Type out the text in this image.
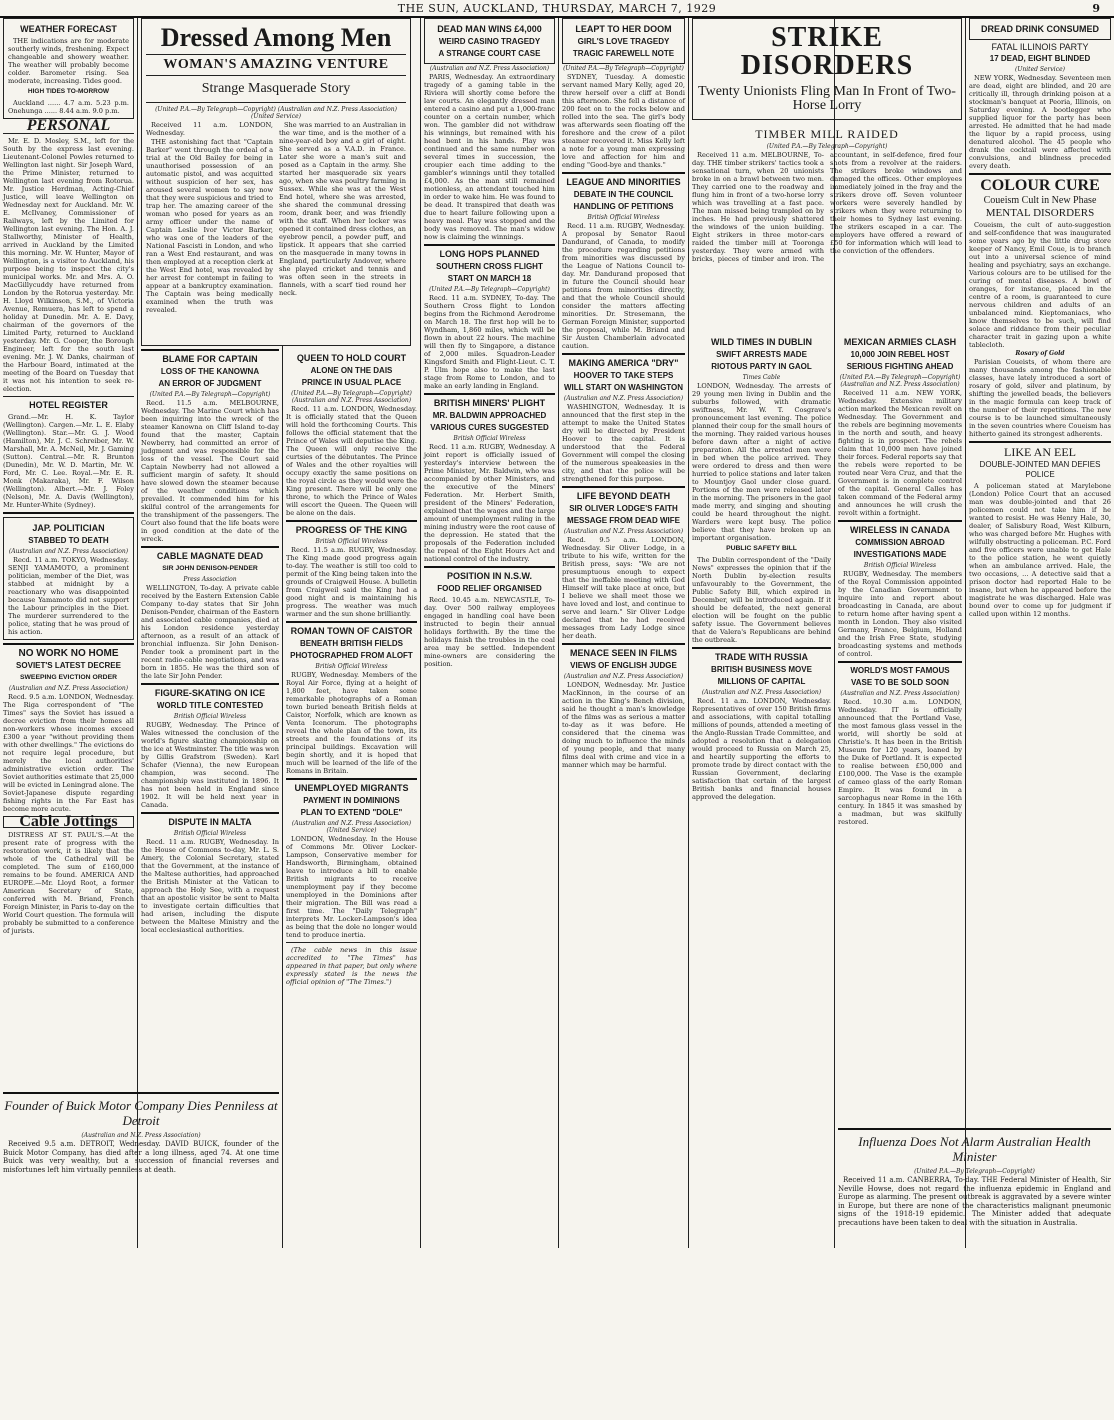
THE SUN, AUCKLAND, THURSDAY, MARCH 7, 1929	9
WEATHER FORECAST

THE indications are for moderate southerly winds, freshening. Expect changeable and showery weather. The weather will probably become colder. Barometer rising. Sea moderate, increasing. Tides good.

HIGH TIDES TO-MORROW

Auckland ...... 4.7 a.m. 5.23 p.m. Onehunga ...... 8.44 a.m. 9.0 p.m.

PERSONAL

Mr. E. D. Mosley, S.M., left for the South by the express last evening. Lieutenant-Colonel Powles returned to Wellington last night. Sir Joseph Ward, the Prime Minister, returned to Wellington last evening from Rotorua. Mr. Justice Herdman, Acting-Chief Justice, will leave Wellington on Wednesday next for Auckland. Mr. W. E. McIlvaney, Commissioner of Railways, left by the Limited for Wellington last evening. The Hon. A. J. Stallworthy, Minister of Health, arrived in Auckland by the Limited this morning. Mr. W. Hunter, Mayor of Wellington, is a visitor to Auckland, his purpose being to inspect the city's municipal works. Mr. and Mrs. A. O. MacGillycuddy have returned from London by the Rotorua yesterday. Mr. H. Lloyd Wilkinson, S.M., of Victoria Avenue, Remuera, has left to spend a holiday at Dunedin. Mr. A. E. Davy, chairman of the governors of the Limited Party, returned to Auckland yesterday. Mr. G. Cooper, the Borough Engineer, left for the south last evening. Mr. J. W. Danks, chairman of the Harbour Board, intimated at the meeting of the Board on Tuesday that it was not his intention to seek re-election.

HOTEL REGISTER

Grand.—Mr. H. K. Taylor (Wellington). Cargen.—Mr. L. E. Elaby (Wellington). Star.—Mr. G. J. Wood (Hamilton), Mr. J. C. Schreiber, Mr. W. Marshall, Mr. A. McNeil, Mr. J. Gaming (Sutton). Central.—Mr. R. Brunton (Dunedin), Mr. W. D. Martin, Mr. W. Ford, Mr. C. Lee. Royal.—Mr. E. R. Monk (Makaraka), Mr. F. Wilson (Wellington). Albert.—Mr. J. Foley (Nelson), Mr. A. Davis (Wellington), Mr. Hunter-White (Sydney).

JAP. POLITICIAN
STABBED TO DEATH
(Australian and N.Z. Press Association)

Recd. 11 a.m. TOKYO, Wednesday. SENJI YAMAMOTO, a prominent politician, member of the Diet, was stabbed at midnight by a reactionary who was disappointed because Yamamoto did not support the Labour principles in the Diet. The murderer surrendered to the police, stating that he was proud of his action.

NO WORK NO HOME
SOVIET'S LATEST DECREE
SWEEPING EVICTION ORDER
(Australian and N.Z. Press Association)

Recd. 9.5 a.m. LONDON, Wednesday. The Riga correspondent of "The Times" says the Soviet has issued a decree eviction from their homes all non-workers whose incomes exceed £300 a year "without providing them with other dwellings." The evictions do not require legal procedure, but merely the local authorities' administrative eviction order. The Soviet authorities estimate that 25,000 will be evicted in Leningrad alone. The Soviet-Japanese dispute regarding fishing rights in the Far East has become more acute.

Cable Jottings

DISTRESS AT ST. PAUL'S.—At the present rate of progress with the restoration work, it is likely that the whole of the Cathedral will be completed. The sum of £160,000 remains to be found. AMERICA AND EUROPE.—Mr. Lloyd Root, a former American Secretary of State, conferred with M. Briand, French Foreign Minister, in Paris to-day on the World Court question. The formula will probably be submitted to a conference of jurists.

Dressed Among Men
WOMAN'S AMAZING VENTURE
Strange Masquerade Story
(United P.A.—By Telegraph—Copyright) (Australian and N.Z. Press Association) (United Service)

Received 11 a.m. LONDON, Wednesday.

THE astonishing fact that "Captain Barker" went through the ordeal of a trial at the Old Bailey for being in unauthorised possession of an automatic pistol, and was acquitted without suspicion of her sex, has aroused several women to say now that they were suspicious and tried to trap her. The amazing career of the woman who posed for years as an army officer under the name of Captain Leslie Ivor Victor Barker, who was one of the leaders of the National Fascisti in London, and who ran a West End restaurant, and was then employed at a reception clerk at the West End hotel, was revealed by her arrest for contempt in failing to appear at a bankruptcy examination. The Captain was being medically examined when the truth was revealed.

She was married to an Australian in the war time, and is the mother of a nine-year-old boy and a girl of eight. She served as a V.A.D. in France. Later she wore a man's suit and posed as a Captain in the army. She started her masquerade six years ago, when she was poultry farming in Sussex. While she was at the West End hotel, where she was arrested, she shared the communal dressing room, drank beer, and was friendly with the staff. When her locker was opened it contained dress clothes, an eyebrow pencil, a powder puff, and lipstick. It appears that she carried on the masquerade in many towns in England, particularly Andover, where she played cricket and tennis and was often seen in the streets in flannels, with a scarf tied round her neck.

BLAME FOR CAPTAIN
LOSS OF THE KANOWNA
AN ERROR OF JUDGMENT
(United P.A.—By Telegraph—Copyright)

Recd. 11.5 a.m. MELBOURNE, Wednesday. The Marine Court which has been inquiring into the wreck of the steamer Kanowna on Cliff Island to-day found that the master, Captain Newberry, had committed an error of judgment and was responsible for the loss of the vessel. The Court said Captain Newberry had not allowed a sufficient margin of safety. It should have slowed down the steamer because of the weather conditions which prevailed. It commended him for his skilful control of the arrangements for the transhipment of the passengers. The Court also found that the life boats were in good condition at the date of the wreck.

CABLE MAGNATE DEAD
SIR JOHN DENISON-PENDER
Press Association

WELLINGTON, To-day. A private cable received by the Eastern Extension Cable Company to-day states that Sir John Denison-Pender, chairman of the Eastern and associated cable companies, died at his London residence yesterday afternoon, as a result of an attack of bronchial influenza. Sir John Denison-Pender took a prominent part in the recent radio-cable negotiations, and was born in 1855. He was the third son of the late Sir John Pender.

FIGURE-SKATING ON ICE
WORLD TITLE CONTESTED
British Official Wireless

RUGBY, Wednesday. The Prince of Wales witnessed the conclusion of the world's figure skating championship on the ice at Westminster. The title was won by Gillis Grafstrom (Sweden). Karl Schafer (Vienna), the new European champion, was second. The championship was instituted in 1896. It has not been held in England since 1902. It will be held next year in Canada.

DISPUTE IN MALTA
British Official Wireless

Recd. 11 a.m. RUGBY, Wednesday. In the House of Commons to-day, Mr. L. S. Amery, the Colonial Secretary, stated that the Government, at the instance of the Maltese authorities, had approached the British Minister at the Vatican to approach the Holy See, with a request that an apostolic visitor be sent to Malta to investigate certain difficulties that had arisen, including the dispute between the Maltese Ministry and the local ecclesiastical authorities.

QUEEN TO HOLD COURT
ALONE ON THE DAIS
PRINCE IN USUAL PLACE
(United P.A.—By Telegraph—Copyright) (Australian and N.Z. Press Association)

Recd. 11 a.m. LONDON, Wednesday. It is officially stated that the Queen will hold the forthcoming Courts. This follows the official statement that the Prince of Wales will deputise the King. The Queen will only receive the curtsies of the débutantes. The Prince of Wales and the other royalties will occupy exactly the same positions on the royal circle as they would were the King present. There will be only one throne, to which the Prince of Wales will escort the Queen. The Queen will be alone on the dais.

PROGRESS OF THE KING
British Official Wireless

Recd. 11.5 a.m. RUGBY, Wednesday. The King made good progress again to-day. The weather is still too cold to permit of the King being taken into the grounds of Craigweil House. A bulletin from Craigweil said the King had a good night and is maintaining his progress. The weather was much warmer and the sun shone brilliantly.

ROMAN TOWN OF CAISTOR
BENEATH BRITISH FIELDS
PHOTOGRAPHED FROM ALOFT
British Official Wireless

RUGBY, Wednesday. Members of the Royal Air Force, flying at a height of 1,800 feet, have taken some remarkable photographs of a Roman town buried beneath British fields at Caistor, Norfolk, which are known as Venta Icenorum. The photographs reveal the whole plan of the town, its streets and the foundations of its principal buildings. Excavation will begin shortly, and it is hoped that much will be learned of the life of the Romans in Britain.

UNEMPLOYED MIGRANTS
PAYMENT IN DOMINIONS
PLAN TO EXTEND "DOLE"
(Australian and N.Z. Press Association) (United Service)

LONDON, Wednesday. In the House of Commons Mr. Oliver Locker-Lampson, Conservative member for Handsworth, Birmingham, obtained leave to introduce a bill to enable British migrants to receive unemployment pay if they become unemployed in the Dominions after their migration. The Bill was read a first time. The "Daily Telegraph" interprets Mr. Locker-Lampson's idea as being that the dole no longer would tend to produce inertia.

(The cable news in this issue accredited to "The Times" has appeared in that paper, but only where expressly stated is the news the official opinion of "The Times.")

DEAD MAN WINS £4,000
WEIRD CASINO TRAGEDY
A STRANGE COURT CASE
(Australian and N.Z. Press Association)

PARIS, Wednesday. An extraordinary tragedy of a gaming table in the Riviera will shortly come before the law courts. An elegantly dressed man entered a casino and put a 1,000-franc counter on a certain number, which won. The gambler did not withdraw his winnings, but remained with his head bent in his hands. Play was continued and the same number won several times in succession, the croupier each time adding to the gambler's winnings until they totalled £4,000. As the man still remained motionless, an attendant touched him in order to wake him. He was found to be dead. It transpired that death was due to heart failure following upon a heavy meal. Play was stopped and the body was removed. The man's widow now is claiming the winnings.

LONG HOPS PLANNED
SOUTHERN CROSS FLIGHT
START ON MARCH 18
(United P.A.—By Telegraph—Copyright)

Recd. 11 a.m. SYDNEY, To-day. The Southern Cross flight to London begins from the Richmond Aerodrome on March 18. The first hop will be to Wyndham, 1,860 miles, which will be flown in about 22 hours. The machine will then fly to Singapore, a distance of 2,000 miles. Squadron-Leader Kingsford Smith and Flight-Lieut. C. T. P. Ulm hope also to make the last stage from Rome to London, and to make an early landing in England.

BRITISH MINERS' PLIGHT
MR. BALDWIN APPROACHED
VARIOUS CURES SUGGESTED
British Official Wireless

Recd. 11 a.m. RUGBY, Wednesday. A joint report is officially issued of yesterday's interview between the Prime Minister, Mr. Baldwin, who was accompanied by other Ministers, and the executive of the Miners' Federation. Mr. Herbert Smith, president of the Miners' Federation, explained that the wages and the large amount of unemployment ruling in the mining industry were the root cause of the depression. He stated that the proposals of the Federation included the repeal of the Eight Hours Act and national control of the industry.

POSITION IN N.S.W.
FOOD RELIEF ORGANISED

Recd. 10.45 a.m. NEWCASTLE, To-day. Over 500 railway employees engaged in handling coal have been instructed to begin their annual holidays forthwith. By the time the holidays finish the troubles in the coal area may be settled. Independent mine-owners are considering the position.

LEAPT TO HER DOOM
GIRL'S LOVE TRAGEDY
TRAGIC FAREWELL NOTE
(United P.A.—By Telegraph—Copyright)

SYDNEY, Tuesday. A domestic servant named Mary Kelly, aged 20, threw herself over a cliff at Bondi this afternoon. She fell a distance of 200 feet on to the rocks below and rolled into the sea. The girl's body was afterwards seen floating off the foreshore and the crew of a pilot steamer recovered it. Miss Kelly left a note for a young man expressing love and affection for him and ending "Good-bye and thanks."

LEAGUE AND MINORITIES
DEBATE IN THE COUNCIL
HANDLING OF PETITIONS
British Official Wireless

Recd. 11 a.m. RUGBY, Wednesday. A proposal by Senator Raoul Dandurand, of Canada, to modify the procedure regarding petitions from minorities was discussed by the League of Nations Council to-day. Mr. Dandurand proposed that in future the Council should hear petitions from minorities directly, and that the whole Council should consider the matters affecting minorities. Dr. Stresemann, the German Foreign Minister, supported the proposal, while M. Briand and Sir Austen Chamberlain advocated caution.

MAKING AMERICA "DRY"
HOOVER TO TAKE STEPS
WILL START ON WASHINGTON
(Australian and N.Z. Press Association)

WASHINGTON, Wednesday. It is announced that the first step in the attempt to make the United States dry will be directed by President Hoover to the capital. It is understood that the Federal Government will compel the closing of the numerous speakeasies in the city, and that the police will be strengthened for this purpose.

LIFE BEYOND DEATH
SIR OLIVER LODGE'S FAITH
MESSAGE FROM DEAD WIFE
(Australian and N.Z. Press Association)

Recd. 9.5 a.m. LONDON, Wednesday. Sir Oliver Lodge, in a tribute to his wife, written for the British press, says: "We are not presumptuous enough to expect that the ineffable meeting with God Himself will take place at once, but I believe we shall meet those we have loved and lost, and continue to serve and learn." Sir Oliver Lodge declared that he had received messages from Lady Lodge since her death.

MENACE SEEN IN FILMS
VIEWS OF ENGLISH JUDGE
(Australian and N.Z. Press Association)

LONDON, Wednesday. Mr. Justice MacKinnon, in the course of an action in the King's Bench division, said he thought a man's knowledge of the films was as serious a matter to-day as it was before. He considered that the cinema was doing much to influence the minds of young people, and that many films deal with crime and vice in a manner which may be harmful.

STRIKE DISORDERS
Twenty Unionists Fling Man In Front of Two-Horse Lorry
TIMBER MILL RAIDED
(United P.A.—By Telegraph—Copyright)

Received 11 a.m. MELBOURNE, To-day. THE timber strikers' tactics took a sensational turn, when 20 unionists broke in on a brawl between two men. They carried one to the roadway and flung him in front of a two-horse lorry which was travelling at a fast pace. The man missed being trampled on by inches. He had previously shattered the windows of the union building. Eight strikers in three motor-cars raided the timber mill at Tooronga yesterday. They were armed with bricks, pieces of timber and iron. The accountant, in self-defence, fired four shots from a revolver at the raiders. The strikers broke windows and damaged the offices. Other employees immediately joined in the fray and the strikers drove off. Seven volunteer workers were severely handled by strikers when they were returning to their homes to Sydney last evening. The strikers escaped in a car. The employers have offered a reward of £50 for information which will lead to the conviction of the offenders.

WILD TIMES IN DUBLIN
SWIFT ARRESTS MADE
RIOTOUS PARTY IN GAOL
Times Cable

LONDON, Wednesday. The arrests of 29 young men living in Dublin and the suburbs followed, with dramatic swiftness, Mr. W. T. Cosgrave's pronouncement last evening. The police planned their coup for the small hours of the morning. They raided various houses before dawn after a night of active preparation. All the arrested men were in bed when the police arrived. They were ordered to dress and then were hurried to police stations and later taken to Mountjoy Gaol under close guard. Portions of the men were released later in the morning. The prisoners in the gaol made merry, and singing and shouting could be heard throughout the night. Warders were kept busy. The police believe that they have broken up an important organisation.

PUBLIC SAFETY BILL

The Dublin correspondent of the "Daily News" expresses the opinion that if the North Dublin by-election results unfavourably to the Government, the Public Safety Bill, which expired in December, will be introduced again. If it should be defeated, the next general election will be fought on the public safety issue. The Government believes that de Valera's Republicans are behind the outbreak.

TRADE WITH RUSSIA
BRITISH BUSINESS MOVE
MILLIONS OF CAPITAL
(Australian and N.Z. Press Association)

Recd. 11 a.m. LONDON, Wednesday. Representatives of over 150 British firms and associations, with capital totalling millions of pounds, attended a meeting of the Anglo-Russian Trade Committee, and adopted a resolution that a delegation would proceed to Russia on March 25, and heartily supporting the efforts to promote trade by direct contact with the Russian Government, declaring satisfaction that certain of the largest British banks and financial houses approved the delegation.

MEXICAN ARMIES CLASH
10,000 JOIN REBEL HOST
SERIOUS FIGHTING AHEAD
(United P.A.—By Telegraph—Copyright) (Australian and N.Z. Press Association)

Received 11 a.m. NEW YORK, Wednesday. Extensive military action marked the Mexican revolt on Wednesday. The Government and the rebels are beginning movements in the north and south, and heavy fighting is in prospect. The rebels claim that 10,000 men have joined their forces. Federal reports say that the rebels were reported to be routed near Vera Cruz, and that the Government is in complete control of the capital. General Calles has taken command of the Federal army and announces he will crush the revolt within a fortnight.

WIRELESS IN CANADA
COMMISSION ABROAD
INVESTIGATIONS MADE
British Official Wireless

RUGBY, Wednesday. The members of the Royal Commission appointed by the Canadian Government to inquire into and report about broadcasting in Canada, are about to return home after having spent a month in London. They also visited Germany, France, Belgium, Holland and the Irish Free State, studying broadcasting systems and methods of control.

WORLD'S MOST FAMOUS
VASE TO BE SOLD SOON
(Australian and N.Z. Press Association)

Recd. 10.30 a.m. LONDON, Wednesday. IT is officially announced that the Portland Vase, the most famous glass vessel in the world, will shortly be sold at Christie's. It has been in the British Museum for 120 years, loaned by the Duke of Portland. It is expected to realise between £50,000 and £100,000. The Vase is the example of cameo glass of the early Roman Empire. It was found in a sarcophagus near Rome in the 16th century. In 1845 it was smashed by a madman, but was skilfully restored.

DREAD DRINK CONSUMED
FATAL ILLINOIS PARTY
17 DEAD, EIGHT BLINDED
(United Service)

NEW YORK, Wednesday. Seventeen men are dead, eight are blinded, and 20 are critically ill, through drinking poison at a stockman's banquet at Peoria, Illinois, on Saturday evening. A bootlegger who supplied liquor for the party has been arrested. He admitted that he had made the liquor by a rapid process, using denatured alcohol. The 45 people who drank the cocktail were affected with convulsions, and blindness preceded every death.

COLOUR CURE
Coueism Cult in New Phase
MENTAL DISORDERS

Coueism, the cult of auto-suggestion and self-confidence that was inaugurated some years ago by the little drug store keeper of Nancy, Emil Coue, is to branch out into a universal science of mind healing and psychiatry, says an exchange. Various colours are to be utilised for the curing of mental diseases. A bowl of oranges, for instance, placed in the centre of a room, is guaranteed to cure nervous children and adults of an unbalanced mind. Kieptomaniacs, who know themselves to be such, will find solace and riddance from their peculiar character trait in gazing upon a white tablecloth.

Rosary of Gold

Parisian Coueists, of whom there are many thousands among the fashionable classes, have lately introduced a sort of rosary of gold, silver and platinum, by shifting the jewelled beads, the believers in the magic formula can keep track of the number of their repetitions. The new course is to be launched simultaneously in the seven countries where Coueism has hitherto gained its strongest adherents.

LIKE AN EEL
DOUBLE-JOINTED MAN DEFIES POLICE

A policeman stated at Marylebone (London) Police Court that an accused man was double-jointed and that 26 policemen could not take him if he wanted to resist. He was Henry Hale, 30, dealer, of Salisbury Road, West Kilburn, who was charged before Mr. Hughes with wilfully obstructing a policeman. P.C. Ford and five officers were unable to get Hale to the police station, he went quietly when an ambulance arrived. Hale, the two occasions, ... A detective said that a prison doctor had reported Hale to be insane, but when he appeared before the magistrate he was discharged. Hale was bound over to come up for judgment if called upon within 12 months.

Founder of Buick Motor Company Dies Penniless at Detroit
(Australian and N.Z. Press Association)

Received 9.5 a.m. DETROIT, Wednesday. DAVID BUICK, founder of the Buick Motor Company, has died after a long illness, aged 74. At one time Buick was very wealthy, but a succession of financial reverses and misfortunes left him virtually penniless at death.

Influenza Does Not Alarm Australian Health Minister
(United P.A.—By Telegraph—Copyright)

Received 11 a.m. CANBERRA, To-day. THE Federal Minister of Health, Sir Neville Howse, does not regard the influenza epidemic in England and Europe as alarming. The present outbreak is aggravated by a severe winter in Europe, but there are none of the characteristics malignant pneumonic signs of the 1918-19 epidemic. The Minister added that adequate precautions have been taken to deal with the situation in Australia.
